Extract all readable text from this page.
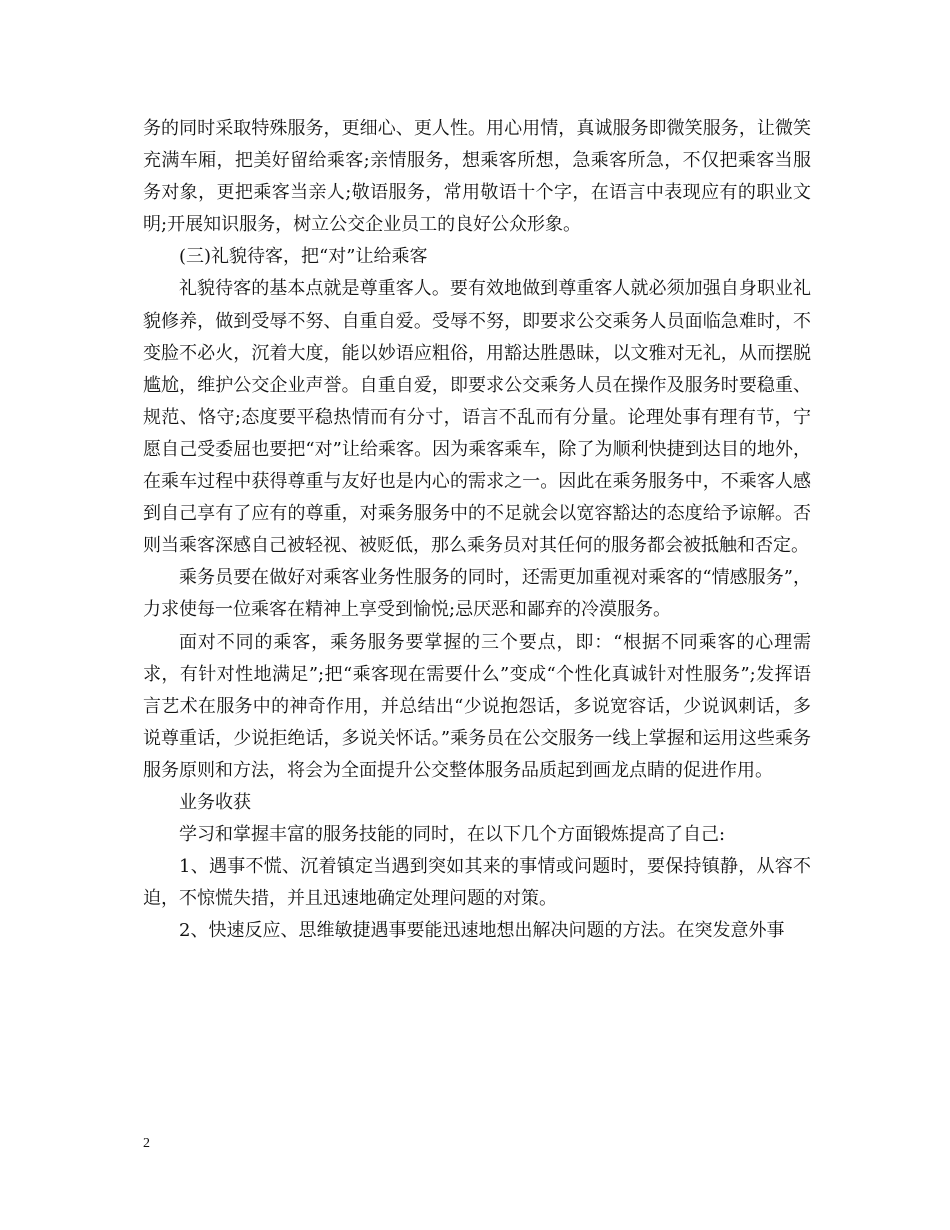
务的同时采取特殊服务，更细心、更人性。用心用情，真诚服务即微笑服务，让微笑充满车厢，把美好留给乘客;亲情服务，想乘客所想，急乘客所急，不仅把乘客当服务对象，更把乘客当亲人;敬语服务，常用敬语十个字，在语言中表现应有的职业文明;开展知识服务，树立公交企业员工的良好公众形象。

(三)礼貌待客，把“对”让给乘客

礼貌待客的基本点就是尊重客人。要有效地做到尊重客人就必须加强自身职业礼貌修养，做到受辱不努、自重自爱。受辱不努，即要求公交乘务人员面临急难时，不变脸不必火，沉着大度，能以妙语应粗俗，用豁达胜愚昧，以文雅对无礼，从而摆脱尴尬，维护公交企业声誉。自重自爱，即要求公交乘务人员在操作及服务时要稳重、规范、恪守;态度要平稳热情而有分寸，语言不乱而有分量。论理处事有理有节，宁愿自己受委屈也要把“对”让给乘客。因为乘客乘车，除了为顺利快捷到达目的地外，在乘车过程中获得尊重与友好也是内心的需求之一。因此在乘务服务中，不乘客人感到自己享有了应有的尊重，对乘务服务中的不足就会以宽容豁达的态度给予谅解。否则当乘客深感自己被轻视、被贬低，那么乘务员对其任何的服务都会被抵触和否定。

乘务员要在做好对乘客业务性服务的同时，还需更加重视对乘客的“情感服务”，力求使每一位乘客在精神上享受到愉悦;忌厌恶和鄙弃的冷漠服务。

面对不同的乘客，乘务服务要掌握的三个要点，即：“根据不同乘客的心理需求，有针对性地满足”;把“乘客现在需要什么”变成“个性化真诚针对性服务”;发挥语言艺术在服务中的神奇作用，并总结出“少说抱怨话，多说宽容话，少说讽刺话，多说尊重话，少说拒绝话，多说关怀话。”乘务员在公交服务一线上掌握和运用这些乘务服务原则和方法，将会为全面提升公交整体服务品质起到画龙点睛的促进作用。

业务收获

学习和掌握丰富的服务技能的同时，在以下几个方面锻炼提高了自己:

1、遇事不慌、沉着镇定当遇到突如其来的事情或问题时，要保持镇静，从容不迫，不惊慌失措，并且迅速地确定处理问题的对策。

2、快速反应、思维敏捷遇事要能迅速地想出解决问题的方法。在突发意外事

2
